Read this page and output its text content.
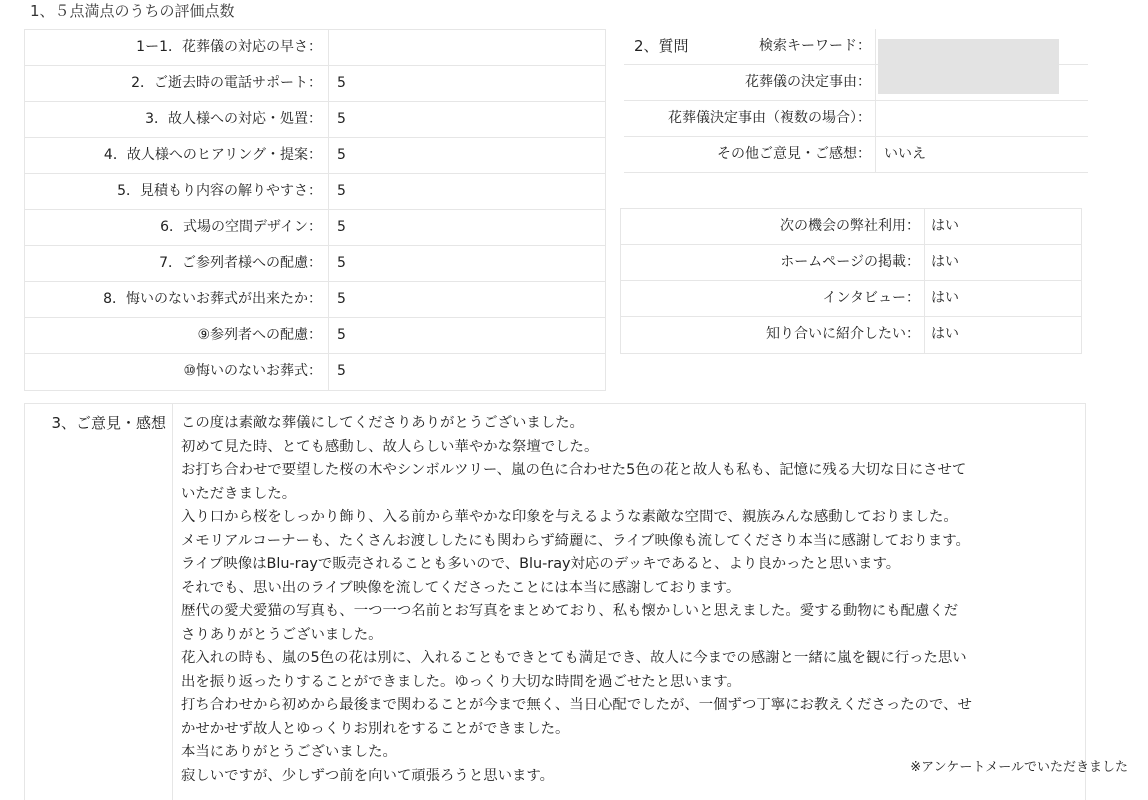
1、５点満点のうちの評価点数
1ー1．花葬儀の対応の早さ：
2．ご逝去時の電話サポート：	5
3．故人様への対応・処置：	5
4．故人様へのヒアリング・提案：	5
5．見積もり内容の解りやすさ：	5
6．式場の空間デザイン：	5
7．ご参列者様への配慮：	5
8．悔いのないお葬式が出来たか：	5
⑨参列者への配慮：	5
⑩悔いのないお葬式：	5
2、質問	検索キーワード：
花葬儀の決定事由：
花葬儀決定事由（複数の場合）：
その他ご意見・ご感想： いいえ
次の機会の弊社利用： はい
ホームページの掲載： はい
インタビュー： はい
知り合いに紹介したい： はい
3、ご意見・感想	この度は素敵な葬儀にしてくださりありがとうございました。

初めて見た時、とても感動し、故人らしい華やかな祭壇でした。

お打ち合わせで要望した桜の木やシンボルツリー、嵐の色に合わせた5色の花と故人も私も、記憶に残る大切な日にさせて

いただきました。

入り口から桜をしっかり飾り、入る前から華やかな印象を与えるような素敵な空間で、親族みんな感動しておりました。

メモリアルコーナーも、たくさんお渡ししたにも関わらず綺麗に、ライブ映像も流してくださり本当に感謝しております。

ライブ映像はBlu-rayで販売されることも多いので、Blu-ray対応のデッキであると、より良かったと思います。

それでも、思い出のライブ映像を流してくださったことには本当に感謝しております。

歴代の愛犬愛猫の写真も、一つ一つ名前とお写真をまとめており、私も懐かしいと思えました。愛する動物にも配慮くだ

さりありがとうございました。

花入れの時も、嵐の5色の花は別に、入れることもできとても満足でき、故人に今までの感謝と一緒に嵐を観に行った思い

出を振り返ったりすることができました。ゆっくり大切な時間を過ごせたと思います。

打ち合わせから初めから最後まで関わることが今まで無く、当日心配でしたが、一個ずつ丁寧にお教えくださったので、せ

かせかせず故人とゆっくりお別れをすることができました。

本当にありがとうございました。

寂しいですが、少しずつ前を向いて頑張ろうと思います。	※アンケートメールでいただきました
